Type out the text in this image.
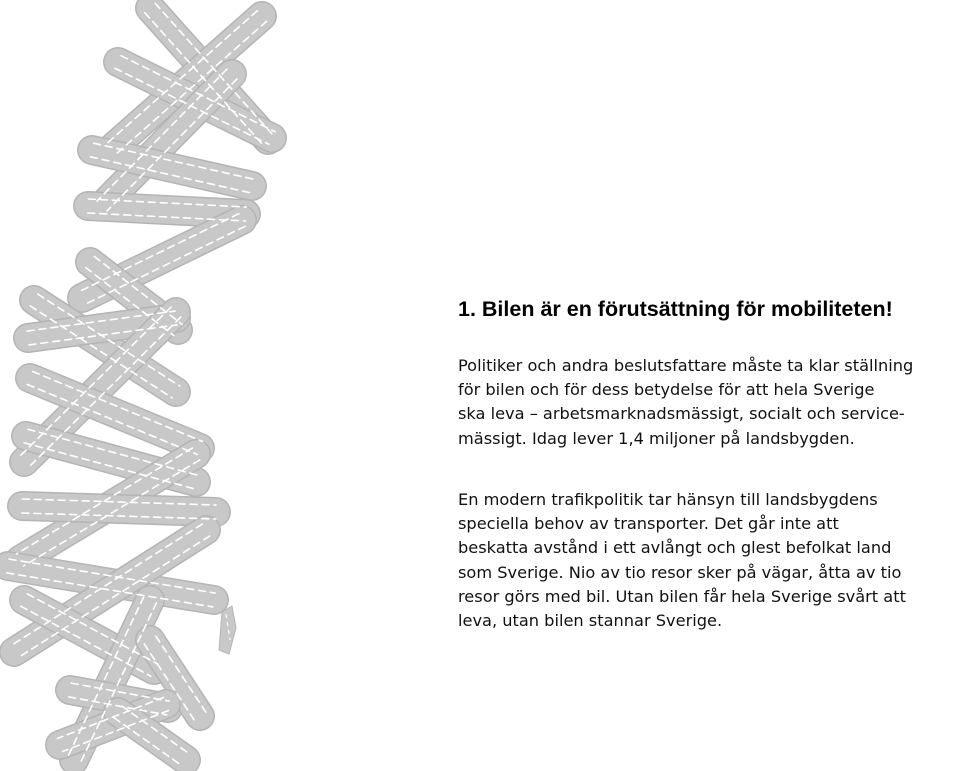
1. Bilen är en förutsättning för mobiliteten!

Politiker och andra beslutsfattare måste ta klar ställning
för bilen och för dess betydelse för att hela Sverige
ska leva – arbetsmarknadsmässigt, socialt och service-
mässigt. Idag lever 1,4 miljoner på landsbygden.

En modern trafikpolitik tar hänsyn till landsbygdens
speciella behov av transporter. Det går inte att
beskatta avstånd i ett avlångt och glest befolkat land
som Sverige. Nio av tio resor sker på vägar, åtta av tio
resor görs med bil. Utan bilen får hela Sverige svårt att
leva, utan bilen stannar Sverige.
